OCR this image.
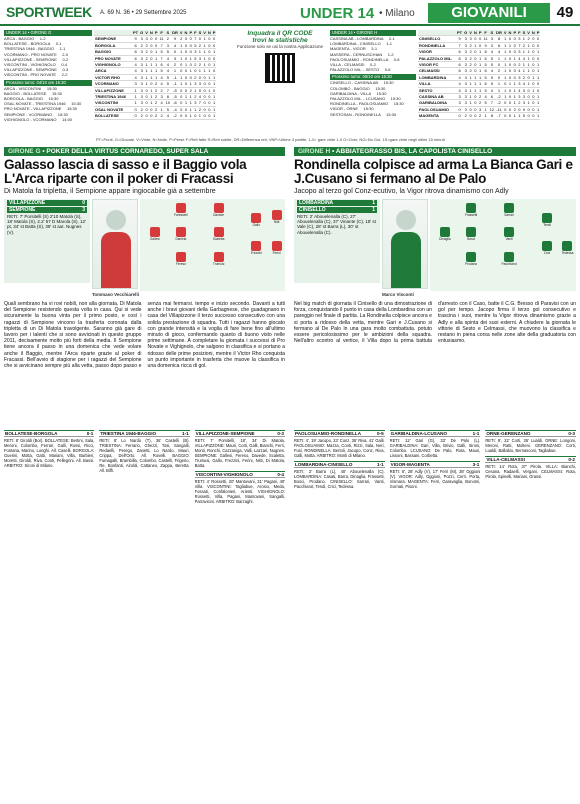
SPORTWEEK A. 69 N. 36 • 29 Settembre 2025	UNDER 14 • Milano	GIOVANILI	49
UNDER 14 • GIRONE G
ARCA - BAGGIO     1-2
BOLLATESE - BORGOLA     0-1
TRIESTINA 1946 - BAGGIO     1-1
VCORMANO - PRO NOVATE     2-0
VILLAPIZZONE - SEMPIONE     0-2
VISCONTINI - VIGHIGNOLO     0-4
VILLAPIZZONE - SEMPIONE     0-3
VISCONTINI - PRO NOVATE     2-2
Prossimo turno: 04/10 ore 15:30
ARCA - VISCONTINI     15:30
BAGGIO - BOLLATESE     15:30
BORGOLA - BAGGIO     15:30
OSAL NOVATE - TRIESTINA 1946     15:30
PRO NOVATE - VILLAPIZZONE     15:30
SEMPIONE - VCORMANO     15:30
VIGHIGNOLO - VCORMANO     14:00
	PT	G	V	N	P	F	S	DR	V	N	P	F	S	V	N	P
SEMPIONE	9	3	3	0	0	11	2	9	2	0	0	7	0	1	0	0
BORGOLA	6	2	2	0	0	7	3	4	1	0	0	5	2	1	0	0
BAGGIO	6	3	2	0	1	5	5	0	1	0	0	3	1	1	0	1
PRO NOVATE	6	3	2	0	1	7	4	3	1	0	1	5	3	1	0	0
VIGHIGNOLO	4	3	1	1	1	6	4	2	0	1	0	2	2	1	0	1
ARCA	4	3	1	1	1	5	4	1	0	0	1	0	1	1	1	0
VICTOR RHO	4	3	1	1	1	4	5	-1	1	0	0	2	0	0	1	1
VCORMANO	3	3	1	0	2	4	5	-1	1	0	1	3	3	0	0	1
VILLAPIZZONE	1	3	0	1	2	2	7	-5	0	0	2	1	5	0	1	0
TRIESTINA 1946	1	3	0	1	2	3	8	-5	0	1	1	2	4	0	0	1
VISCONTINI	1	3	0	1	2	4	10	-6	0	1	1	3	7	0	0	1
OSAL NOVATE	0	2	0	0	2	1	5	-4	0	0	1	1	2	0	0	1
BOLLATESE	0	2	0	0	2	2	4	-2	0	0	1	0	1	0	0	1
Inquadra il QR CODE
trovi le statistiche
Funzione solo se usi la nostra Applicazione
UNDER 14 • GIRONE H
CASSINA AB - LOMBARDINA     2-1
LOMBARDINA - CINISELLO     1-1
MAGENTA - VIGOR     3-1
MASSERA - CERNUSCHIAN     1-2
PAOLOSUAMIO - RONDINELLA     0-5
VILLA - CELMASSI     0-2
PALAZZOLO MIL. - SESTO     0-6
Prossimo turno: 05/10 ore 15:30
CINISELLO - CASSINA AB     15:30
COLOMBO - BAGGIO     15:30
GARIBALDINA - VILLA     15:30
PALAZZOLO MIL. - LCUSANO     15:30
RONDINELLA - PAOLOSUAMIO     15:30
VIGOR - ORNE     15:30
SESTOSAN - RONDINELLA     15:30
	PT	G	V	N	P	F	S	DR	V	N	P	F	S	V	N	P
CINISELLO	9	3	3	0	0	11	3	8	1	0	0	3	1	2	0	0
RONDINELLA	7	3	2	1	0	9	3	6	1	1	0	7	2	1	0	0
VIGOR	6	3	2	0	1	8	4	4	1	0	0	3	1	1	0	1
PALAZZOLO MIL.	6	3	2	0	1	6	5	1	1	0	1	4	4	1	0	0
VIGOR FC	6	3	2	0	1	5	5	0	1	0	0	2	1	1	0	1
CELMASSI	6	3	2	0	1	6	4	2	1	0	0	4	1	1	0	1
LOMBARDINA	4	3	1	1	1	5	5	0	1	0	0	3	2	0	1	1
VILLA	4	3	1	1	1	6	5	1	0	1	1	3	4	1	0	0
SESTO	4	3	1	1	1	5	4	1	1	0	1	4	3	0	1	0
CASSINA AB	3	3	1	0	2	4	6	-2	1	0	1	3	3	0	0	1
GARIBALDINA	3	3	1	0	2	5	7	-2	0	0	1	2	3	1	0	1
PAOLOSUAMIO	0	3	0	0	3	1	12	-11	0	0	2	0	9	0	0	1
MAGENTA	0	2	0	0	2	1	8	-7	0	0	1	1	5	0	0	1
PT=Punti, G=Giocate, V=Vinte, N=Nulle, P=Perse F=Reti fatte S=Reti subite, DR=Differenza reti, VNP=Ultime 3 partite, 1-0= gare vinte 1-0 O=Over, NG=No Gol, 1S=gare vinte negli ultimi 15 minuti
GIRONE G • POKER DELLA VIRTUS CORNAREDO, SUPER SALA
Galasso lascia di sasso e il Baggio vola L'Arca riparte con il poker di Fracassi
Di Matola fa tripletta, il Sempione appare ingiocabile già a settembre
VILLAPIZZONE	0
SEMPIONE	3
RETI: 7' Porsitelli (S) 2'10 Matola (S), 18' Matola (S), 2.2' 57 D Marola (S), 12' pt, 34' st Batta (S), 39' st aut. Nugnes (V).
Tommaso Vecchiarelli
Gallesi
Fareswell
Daniela
Fereso
Davede
Scaletta
Trumusi
Gallo
Frezzini	Ferini
Nitti
Quali sembrano ha vi rovi nobili, non alla giornata, Di Matola del Sempione resistendo questa volta in casa. Qui si vede sicuramente la buona vinta per il primo posto, e così i ragazzi di Sempione vincono la trasferta coronata dalla tripletta di un Di Matola travolgente. Saranno già gare di lavoro per i talenti che si sono avvicinati in questo gruppo 2011, decisamente molto più forti della media. Il Sempione tiene ancora il passo in una domenica che vede volare anche il Baggio, mentre l'Arca riparte grazie al poker di Fracassi. Bell'avvio di stagione per i ragazzi del Sempione che si avvicinano sempre più alla vetta, passo dopo passo e senza mai fermarsi. tempo e inizio secondo. Davanti a tutti anche i bravi giovani della Garbagnese, che guadagnano in casa del Villapizzone il terzo successo consecutivo con una solida prestazione di squadra. Tutti i ragazzi hanno giocato con grande intensità e la voglia di fare bene fino all'ultimo minuto di gioco, confermando quanto di buono visto nelle prime settimane. A completare la giornata i successi di Pro Novate e Vighignolo, che salgono in classifica e si portano a ridosso delle prime posizioni, mentre il Victor Rho conquista un punto importante in trasferta che muove la classifica in una domenica ricca di gol.
BOLLATESE-BORGOLA	0-1
RETI: 8' Giroldi (Bor). BOLLATESE: Bertini, Sala, Meroni, Colombo, Ferrari, Galli, Rossi, Ricci, Fontana, Marino, Longhi. All. Caselli. BORGOLA: Guerini, Motta, Gatti, Mariani, Villa, Barbieri, Moretti, Giroldi, Riva, Conti, Pellegrini. All. Bassi. ARBITRO: Sironi di Milano.
TRIESTINA 1946-BAGGIO	1-1
RETI: 8' Lo Nardo (T), 36' Castelli (B). TRIESTINA: Ferrario, Ghezzi, Tosi, Sangalli, Redaelli, Perego, Zanetti, Lo Nardo, Mauri, Crippa, Dell'Orto. All. Rovelli. BAGGIO: Fumagalli, Brambilla, Colombo, Castelli, Frigerio, Re, Bonfanti, Airoldi, Cattaneo, Zappa, Beretta. All. Biffi.
VILLAPIZZONE-SEMPIONE	0-3
RETI: 7' Porsitelli, 18', 34' Di Matola. VILLAPIZZONE: Mauri, Corti, Galli, Bianchi, Ferri, Monti, Ronchi, Cazzaniga, Valli, Lazzari, Nugnes. SEMPIONE: Gallesi, Fereso, Davede, Scaletta, Trumusi, Gallo, Frezzini, Ferini, Nitti, Di Matola, Batta.
VISCONTINI-VIGHIGNOLO	0-4
RETI: 4' Rossetti, 20' Mantovani, 31' Pagani, 40' Villa. VISCONTINI: Tagliabue, Arosio, Meda, Fossati, Confalonieri, Arienti. VIGHIGNOLO: Rossetti, Villa, Pagani, Mantovani, Sangalli, Parravicini. ARBITRO: Barzaghi.
GIRONE H • ABBIATEGRASSO BIS, LA CAPOLISTA CINISELLO
Rondinella colpisce ad arma La Bianca Gari e J.Cusano si fermano al De Palo
Jacopo al terzo gol Conz-ecutivo, la Vigor ritrova dinamismo con Adly
LOMBARDINA	1
CINISELLO	1
RETI: 2' Abouelenalla (C), 27' Abouelenalla (C), 37' Vinante (C), 18' st Vale (C), 28' st Barra (L), 30' st Abouelenalla (C).
Marco Visconti
Dinaglia
Frassetti
Bosci
Prodano
Sarrari
Vanti
Pacchiarot
Tendi
Crici	Tedessa
Nel big match di giornata il Cinisello di una dimostrazione di forza, conquistando il punto in casa della Lombardina con un pareggio nel finale di partita. La Rondinella colpisce ancora e si porta a ridosso della vetta, mentre Gari e J.Cusano si fermano al De Palo in una gara molto combattuta. potuto essere pericolosissimo per le ambizioni della squadra. Nell'altro scontro al vertice, il Villa dopo la prima battuta d'arresto con il Caso, batte il C.G. Bresso di Paravisi con un gol per tempo. Jacopo firma il terzo gol consecutivo e trascina i suoi, mentre la Vigor ritrova dinamismo grazie a Adly e alla spinta dei suoi esterni. A chiudere la giornata le vittorie di Sesto e Celmassi, che muovono la classifica e restano in piena corsa nelle zone alte della graduatoria con entusiasmo.
PAOLOSUAMIO-RONDINELLA	0-5
RETI: 4', 19' Jacopo, 23' Conz, 36' Riva, 41' Galli. PAOLOSUAMIO: Mazza, Conti, Rizzi, Sala, Neri, Fusi. RONDINELLA: Bertoli, Jacopo, Conz, Riva, Galli, Motta. ARBITRO: Monti di Milano.
LOMBARDINA-CINISELLO	1-1
RETI: 3' Barra (L), 40' Abouelenalla (C). LOMBARDINA: Casati, Barra, Dinaglia, Frassetti, Bosci, Prodano. CINISELLO: Sarrari, Vanti, Pacchiarot, Tendi, Crici, Tedessa.
GARIBALDINA-LCUSANO	1-1
RETI: 12' Gari (G), 33' De Palo (L). GARIBALDINA: Gari, Villa, Brivio, Galli, Sironi, Colombo. LCUSANO: De Palo, Rota, Mauri, Lissoni, Bassani, Corbetta.
VIGOR-MAGENTA	3-1
RETI: 6', 28' Adly (V), 17' Ferri (M), 38' Oggioni (V). VIGOR: Adly, Oggioni, Pozzi, Cerri, Porta, Vismara. MAGENTA: Ferri, Garavaglia, Bonomi, Gornati, Pisoni.
ORNE-GERENZANO	0-3
RETI: 9', 22' Corti, 35' Lualdi. ORNE: Longoni, Meroni, Ratti, Molteni. GERENZANO: Corti, Lualdi, Ballabio, Bernasconi, Tagliabue.
VILLA-CELMASSI	0-2
RETI: 14' Rota, 37' Pirola. VILLA: Bianchi, Cesana, Radaelli, Vergani. CELMASSI: Rota, Pirola, Spinelli, Mariani, Grassi.
